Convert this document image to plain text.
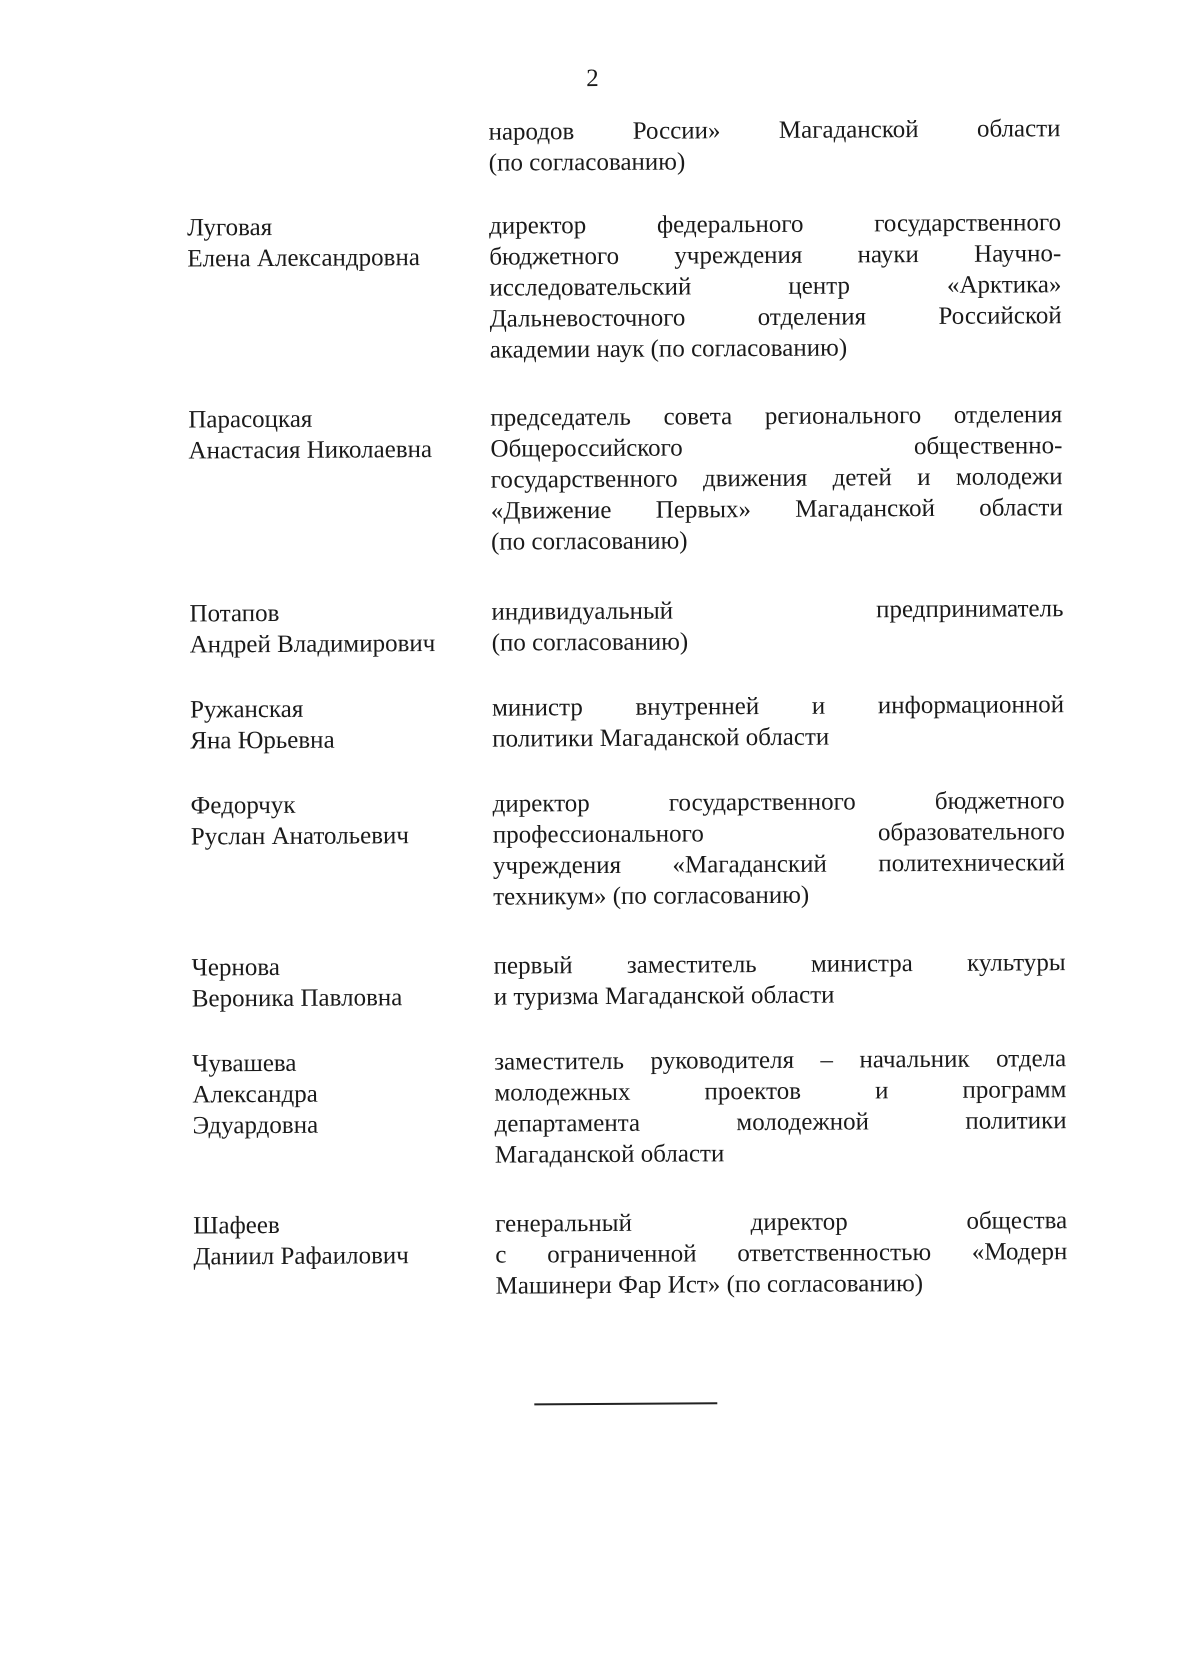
2
народов России» Магаданской области
(по согласованию)
Луговая
Елена Александровна
директор федерального государственного
бюджетного учреждения науки Научно-
исследовательский центр «Арктика»
Дальневосточного отделения Российской
академии наук (по согласованию)
Парасоцкая
Анастасия Николаевна
председатель совета регионального отделения
Общероссийского общественно-
государственного движения детей и молодежи
«Движение Первых» Магаданской области
(по согласованию)
Потапов
Андрей Владимирович
индивидуальный предприниматель
(по согласованию)
Ружанская
Яна Юрьевна
министр внутренней и информационной
политики Магаданской области
Федорчук
Руслан Анатольевич
директор государственного бюджетного
профессионального образовательного
учреждения «Магаданский политехнический
техникум» (по согласованию)
Чернова
Вероника Павловна
первый заместитель министра культуры
и туризма Магаданской области
Чувашева
Александра
Эдуардовна
заместитель руководителя – начальник отдела
молодежных проектов и программ
департамента молодежной политики
Магаданской области
Шафеев
Даниил Рафаилович
генеральный директор общества
с ограниченной ответственностью «Модерн
Машинери Фар Ист» (по согласованию)
